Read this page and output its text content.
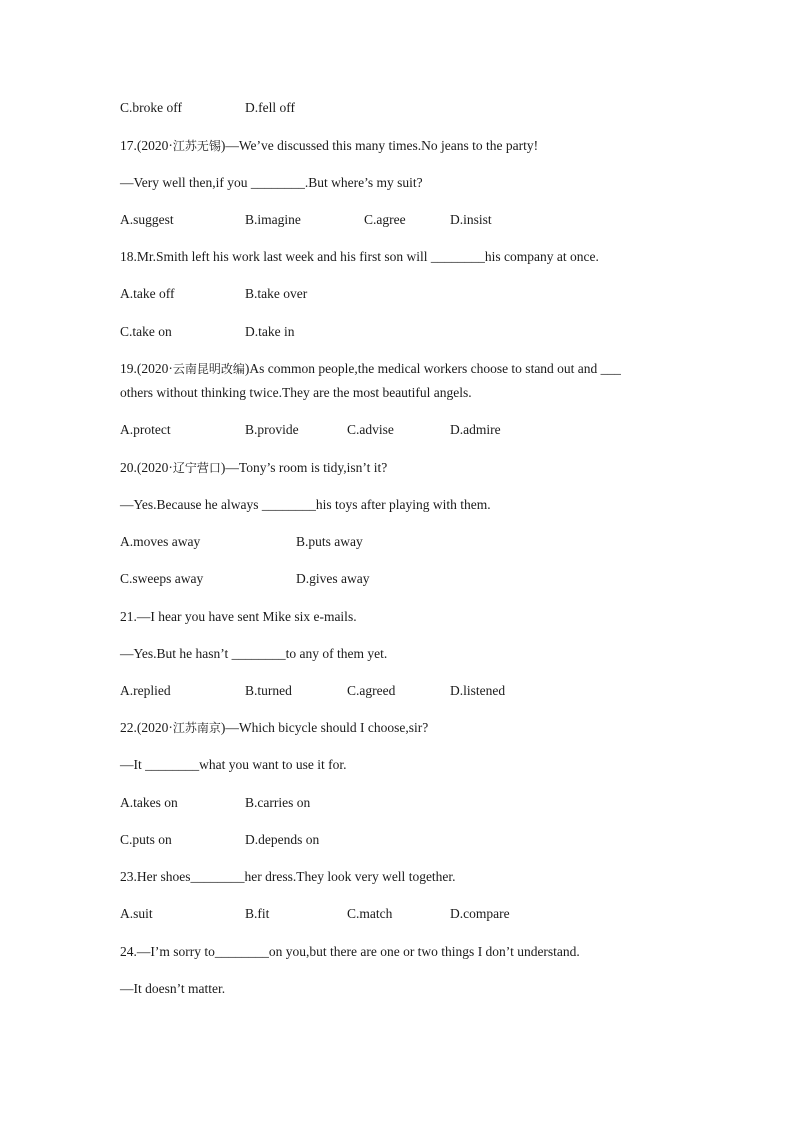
C.broke off	D.fell off
17.(2020·江苏无锡)—We’ve discussed this many times.No jeans to the party!
—Very well then,if you ________.But where’s my suit?
A.suggest	B.imagine	C.agree	D.insist
18.Mr.Smith left his work last week and his first son will ________his company at once.
A.take off	B.take over
C.take on	D.take in
19.(2020·云南昆明改编)As common people,the medical workers choose to stand out and ___
others without thinking twice.They are the most beautiful angels.
A.protect	B.provide	C.advise	D.admire
20.(2020·辽宁营口)—Tony’s room is tidy,isn’t it?
—Yes.Because he always ________his toys after playing with them.
A.moves away	B.puts away
C.sweeps away	D.gives away
21.—I hear you have sent Mike six e-mails.
—Yes.But he hasn’t ________to any of them yet.
A.replied	B.turned	C.agreed	D.listened
22.(2020·江苏南京)—Which bicycle should I choose,sir?
—It ________what you want to use it for.
A.takes on	B.carries on
C.puts on	D.depends on
23.Her shoes________her dress.They look very well together.
A.suit	B.fit	C.match	D.compare
24.—I’m sorry to________on you,but there are one or two things I don’t understand.
—It doesn’t matter.
